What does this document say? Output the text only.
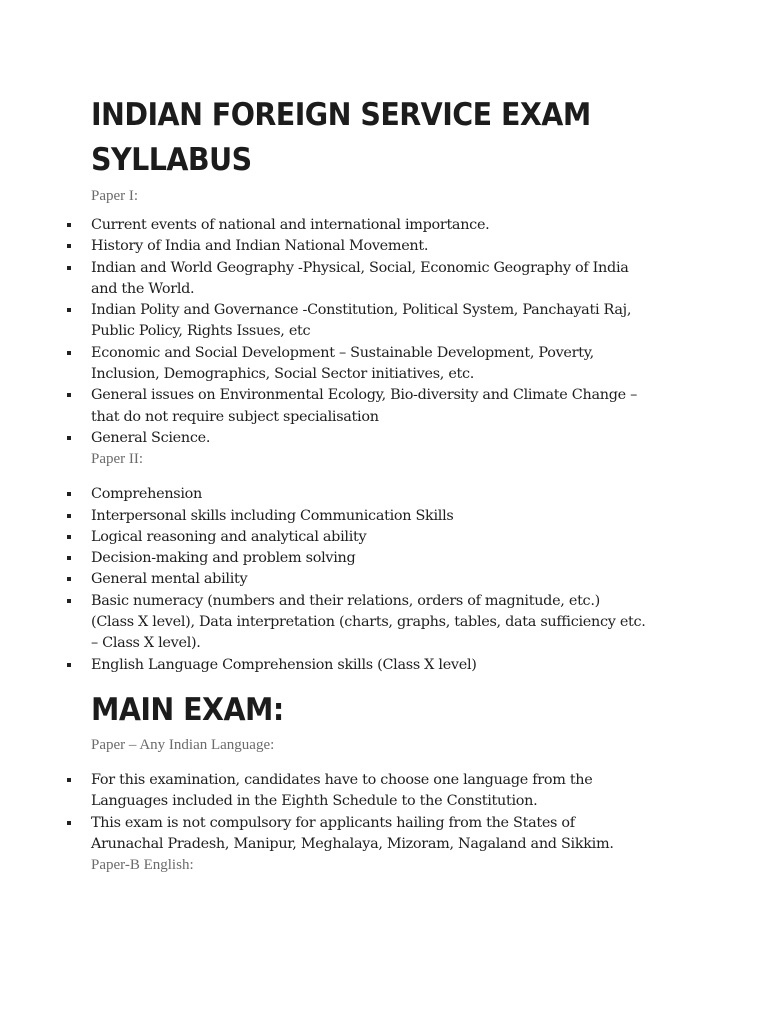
INDIAN FOREIGN SERVICE EXAM SYLLABUS

Paper I:

Current events of national and international importance.
History of India and Indian National Movement.
Indian and World Geography -Physical, Social, Economic Geography of India
and the World.
Indian Polity and Governance -Constitution, Political System, Panchayati Raj,
Public Policy, Rights Issues, etc
Economic and Social Development – Sustainable Development, Poverty,
Inclusion, Demographics, Social Sector initiatives, etc.
General issues on Environmental Ecology, Bio-diversity and Climate Change –
that do not require subject specialisation
General Science.

Paper II:

Comprehension
Interpersonal skills including Communication Skills
Logical reasoning and analytical ability
Decision-making and problem solving
General mental ability
Basic numeracy (numbers and their relations, orders of magnitude, etc.)
(Class X level), Data interpretation (charts, graphs, tables, data sufficiency etc.
– Class X level).
English Language Comprehension skills (Class X level)
MAIN EXAM:

Paper – Any Indian Language:

For this examination, candidates have to choose one language from the
Languages included in the Eighth Schedule to the Constitution.
This exam is not compulsory for applicants hailing from the States of
Arunachal Pradesh, Manipur, Meghalaya, Mizoram, Nagaland and Sikkim.

Paper-B English:
